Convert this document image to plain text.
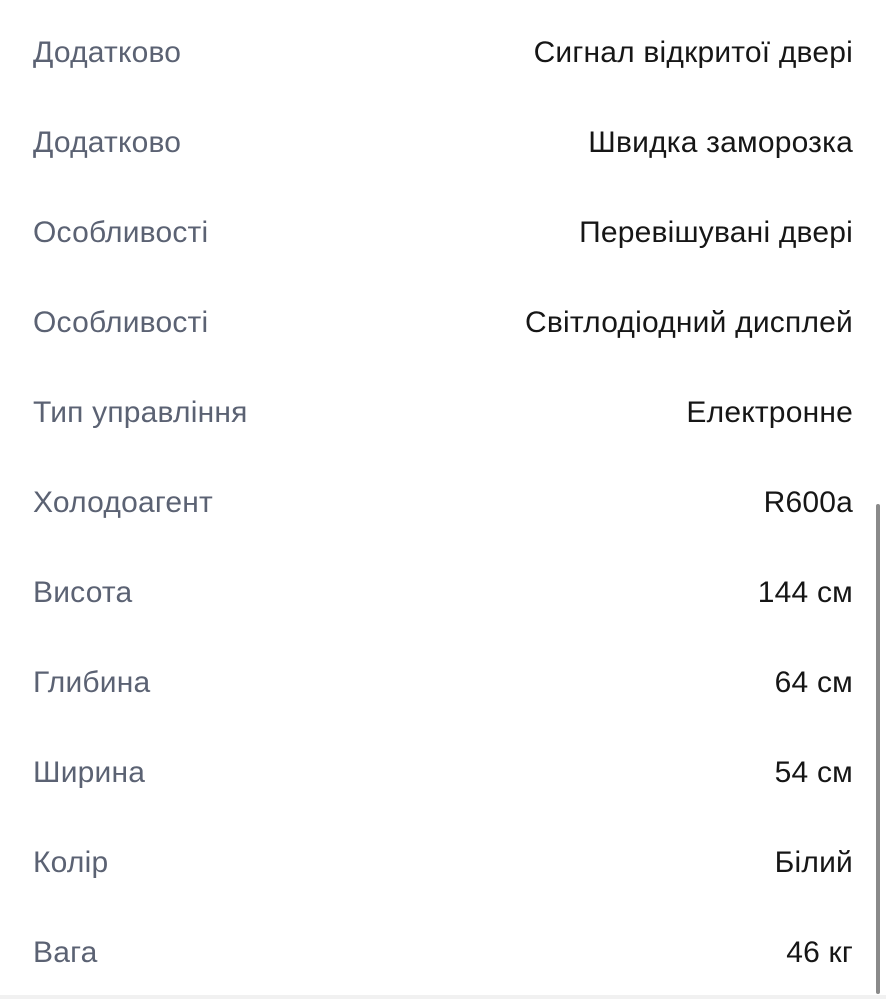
Додатково	Сигнал відкритої двері
Додатково	Швидка заморозка
Особливості	Перевішувані двері
Особливості	Світлодіодний дисплей
Тип управління	Електронне
Холодоагент	R600a
Висота	144 см
Глибина	64 см
Ширина	54 см
Колір	Білий
Вага	46 кг
